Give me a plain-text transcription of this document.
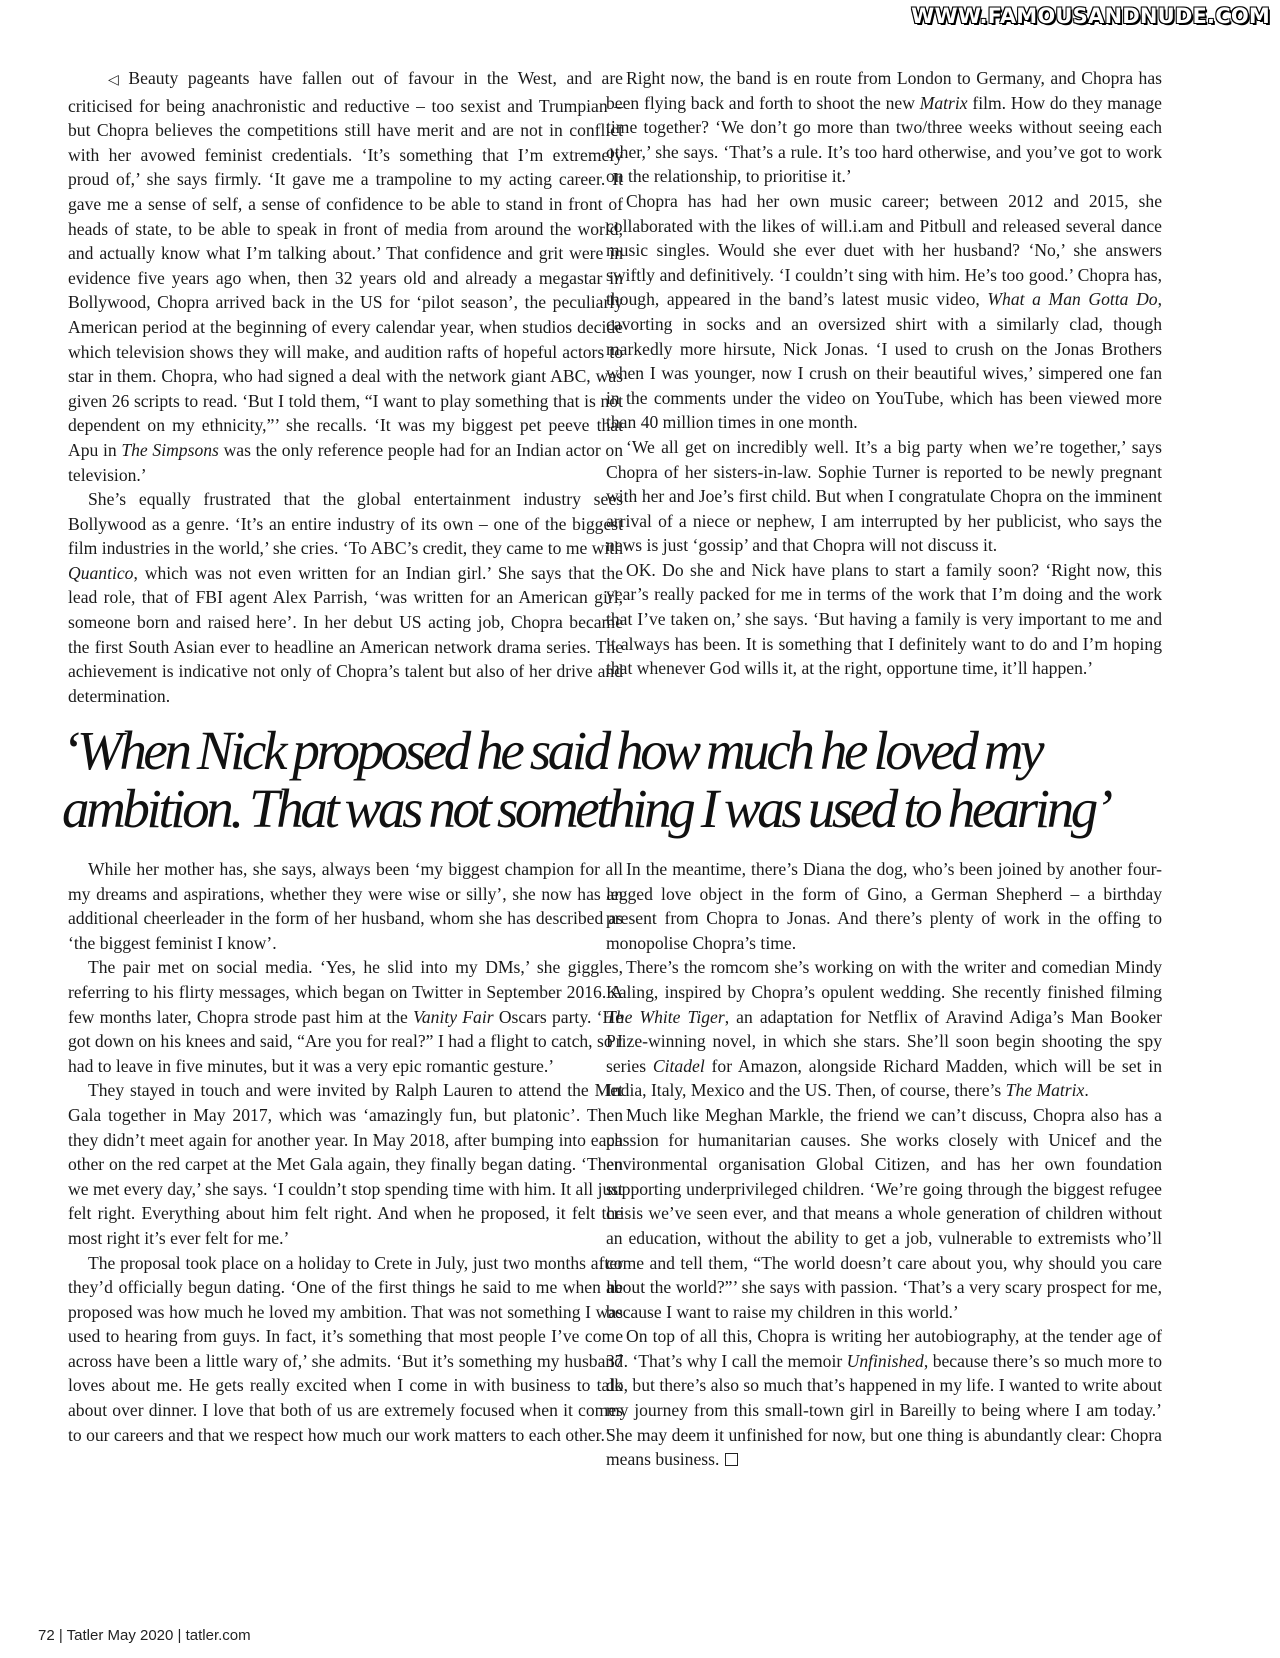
WWW.FAMOUSANDNUDE.COM

◁ Beauty pageants have fallen out of favour in the West, and are criticised for being anachronistic and reductive – too sexist and Trumpian – but Chopra believes the competitions still have merit and are not in conflict with her avowed feminist credentials. ‘It’s something that I’m extremely proud of,’ she says firmly. ‘It gave me a trampoline to my acting career. It gave me a sense of self, a sense of confidence to be able to stand in front of heads of state, to be able to speak in front of media from around the world, and actually know what I’m talking about.’ That confidence and grit were in evidence five years ago when, then 32 years old and already a megastar in Bollywood, Chopra arrived back in the US for ‘pilot season’, the peculiarly American period at the beginning of every calendar year, when studios decide which television shows they will make, and audition rafts of hopeful actors to star in them. Chopra, who had signed a deal with the network giant ABC, was given 26 scripts to read. ‘But I told them, “I want to play something that is not dependent on my ethnicity,”’ she recalls. ‘It was my biggest pet peeve that Apu in The Simpsons was the only reference people had for an Indian actor on television.’

She’s equally frustrated that the global entertainment industry sees Bollywood as a genre. ‘It’s an entire industry of its own – one of the biggest film industries in the world,’ she cries. ‘To ABC’s credit, they came to me with Quantico, which was not even written for an Indian girl.’ She says that the lead role, that of FBI agent Alex Parrish, ‘was written for an American girl, someone born and raised here’. In her debut US acting job, Chopra became the first South Asian ever to headline an American network drama series. The achievement is indicative not only of Chopra’s talent but also of her drive and determination.

Right now, the band is en route from London to Germany, and Chopra has been flying back and forth to shoot the new Matrix film. How do they manage time together? ‘We don’t go more than two/three weeks without seeing each other,’ she says. ‘That’s a rule. It’s too hard otherwise, and you’ve got to work on the relationship, to prioritise it.’

Chopra has had her own music career; between 2012 and 2015, she collaborated with the likes of will.i.am and Pitbull and released several dance music singles. Would she ever duet with her husband? ‘No,’ she answers swiftly and definitively. ‘I couldn’t sing with him. He’s too good.’ Chopra has, though, appeared in the band’s latest music video, What a Man Gotta Do, cavorting in socks and an oversized shirt with a similarly clad, though markedly more hirsute, Nick Jonas. ‘I used to crush on the Jonas Brothers when I was younger, now I crush on their beautiful wives,’ simpered one fan in the comments under the video on YouTube, which has been viewed more than 40 million times in one month.

‘We all get on incredibly well. It’s a big party when we’re together,’ says Chopra of her sisters-in-law. Sophie Turner is reported to be newly pregnant with her and Joe’s first child. But when I congratulate Chopra on the imminent arrival of a niece or nephew, I am interrupted by her publicist, who says the news is just ‘gossip’ and that Chopra will not discuss it.

OK. Do she and Nick have plans to start a family soon? ‘Right now, this year’s really packed for me in terms of the work that I’m doing and the work that I’ve taken on,’ she says. ‘But having a family is very important to me and it always has been. It is something that I definitely want to do and I’m hoping that whenever God wills it, at the right, opportune time, it’ll happen.’

‘When Nick proposed he said how much he loved my
ambition. That was not something I was used to hearing’

While her mother has, she says, always been ‘my biggest champion for all my dreams and aspirations, whether they were wise or silly’, she now has an additional cheerleader in the form of her husband, whom she has described as ‘the biggest feminist I know’.

The pair met on social media. ‘Yes, he slid into my DMs,’ she giggles, referring to his flirty messages, which began on Twitter in September 2016. A few months later, Chopra strode past him at the Vanity Fair Oscars party. ‘He got down on his knees and said, “Are you for real?” I had a flight to catch, so I had to leave in five minutes, but it was a very epic romantic gesture.’

They stayed in touch and were invited by Ralph Lauren to attend the Met Gala together in May 2017, which was ‘amazingly fun, but platonic’. Then they didn’t meet again for another year. In May 2018, after bumping into each other on the red carpet at the Met Gala again, they finally began dating. ‘Then we met every day,’ she says. ‘I couldn’t stop spending time with him. It all just felt right. Everything about him felt right. And when he proposed, it felt the most right it’s ever felt for me.’

The proposal took place on a holiday to Crete in July, just two months after they’d officially begun dating. ‘One of the first things he said to me when he proposed was how much he loved my ambition. That was not something I was used to hearing from guys. In fact, it’s something that most people I’ve come across have been a little wary of,’ she admits. ‘But it’s something my husband loves about me. He gets really excited when I come in with business to talk about over dinner. I love that both of us are extremely focused when it comes to our careers and that we respect how much our work matters to each other.’

In the meantime, there’s Diana the dog, who’s been joined by another four-legged love object in the form of Gino, a German Shepherd – a birthday present from Chopra to Jonas. And there’s plenty of work in the offing to monopolise Chopra’s time.

There’s the romcom she’s working on with the writer and comedian Mindy Kaling, inspired by Chopra’s opulent wedding. She recently finished filming The White Tiger, an adaptation for Netflix of Aravind Adiga’s Man Booker Prize-winning novel, in which she stars. She’ll soon begin shooting the spy series Citadel for Amazon, alongside Richard Madden, which will be set in India, Italy, Mexico and the US. Then, of course, there’s The Matrix.

Much like Meghan Markle, the friend we can’t discuss, Chopra also has a passion for humanitarian causes. She works closely with Unicef and the environmental organisation Global Citizen, and has her own foundation supporting underprivileged children. ‘We’re going through the biggest refugee crisis we’ve seen ever, and that means a whole generation of children without an education, without the ability to get a job, vulnerable to extremists who’ll come and tell them, “The world doesn’t care about you, why should you care about the world?”’ she says with passion. ‘That’s a very scary prospect for me, because I want to raise my children in this world.’

On top of all this, Chopra is writing her autobiography, at the tender age of 37. ‘That’s why I call the memoir Unfinished, because there’s so much more to do, but there’s also so much that’s happened in my life. I wanted to write about my journey from this small-town girl in Bareilly to being where I am today.’ She may deem it unfinished for now, but one thing is abundantly clear: Chopra means business.

72 | Tatler May 2020 | tatler.com
